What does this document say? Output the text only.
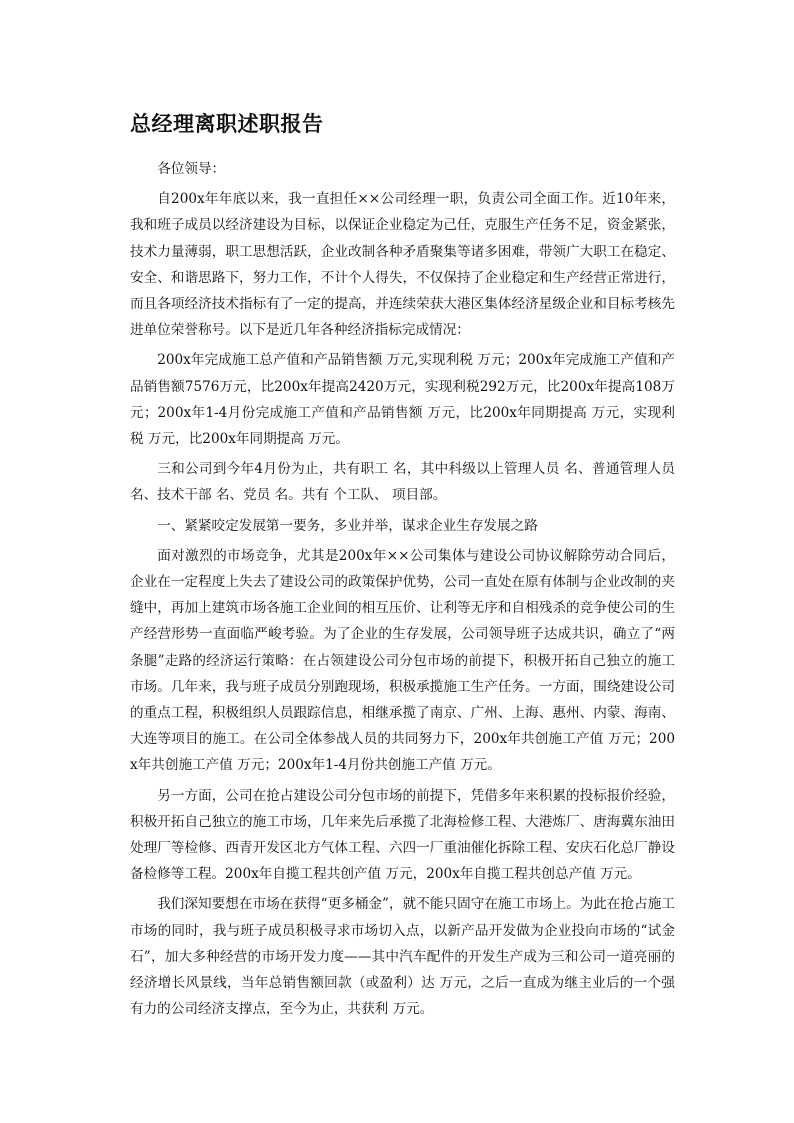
总经理离职述职报告

各位领导：

自200x年年底以来，我一直担任××公司经理一职，负责公司全面工作。近10年来，我和班子成员以经济建设为目标，以保证企业稳定为己任，克服生产任务不足，资金紧张，技术力量薄弱，职工思想活跃，企业改制各种矛盾聚集等诸多困难，带领广大职工在稳定、安全、和谐思路下，努力工作，不计个人得失，不仅保持了企业稳定和生产经营正常进行，而且各项经济技术指标有了一定的提高，并连续荣获大港区集体经济星级企业和目标考核先进单位荣誉称号。以下是近几年各种经济指标完成情况：

200x年完成施工总产值和产品销售额 万元,实现利税 万元；200x年完成施工产值和产品销售额7576万元，比200x年提高2420万元，实现利税292万元，比200x年提高108万元；200x年1-4月份完成施工产值和产品销售额 万元，比200x年同期提高 万元，实现利税 万元，比200x年同期提高 万元。

三和公司到今年4月份为止，共有职工 名，其中科级以上管理人员 名、普通管理人员 名、技术干部 名、党员 名。共有 个工队、 项目部。

一、紧紧咬定发展第一要务，多业并举，谋求企业生存发展之路

面对激烈的市场竞争，尤其是200x年××公司集体与建设公司协议解除劳动合同后，企业在一定程度上失去了建设公司的政策保护优势，公司一直处在原有体制与企业改制的夹缝中，再加上建筑市场各施工企业间的相互压价、让利等无序和自相残杀的竞争使公司的生产经营形势一直面临严峻考验。为了企业的生存发展，公司领导班子达成共识，确立了“两条腿”走路的经济运行策略：在占领建设公司分包市场的前提下，积极开拓自己独立的施工市场。几年来，我与班子成员分别跑现场，积极承揽施工生产任务。一方面，围绕建设公司的重点工程，积极组织人员跟踪信息，相继承揽了南京、广州、上海、惠州、内蒙、海南、大连等项目的施工。在公司全体参战人员的共同努力下，200x年共创施工产值 万元；200x年共创施工产值 万元；200x年1-4月份共创施工产值 万元。

另一方面，公司在抢占建设公司分包市场的前提下，凭借多年来积累的投标报价经验，积极开拓自己独立的施工市场，几年来先后承揽了北海检修工程、大港炼厂、唐海冀东油田处理厂等检修、西青开发区北方气体工程、六四一厂重油催化拆除工程、安庆石化总厂静设备检修等工程。200x年自揽工程共创产值 万元，200x年自揽工程共创总产值 万元。

我们深知要想在市场在获得“更多桶金”，就不能只固守在施工市场上。为此在抢占施工市场的同时，我与班子成员积极寻求市场切入点，以新产品开发做为企业投向市场的“试金石”，加大多种经营的市场开发力度——其中汽车配件的开发生产成为三和公司一道亮丽的经济增长风景线，当年总销售额回款（或盈利）达 万元，之后一直成为继主业后的一个强有力的公司经济支撑点，至今为止，共获利 万元。
